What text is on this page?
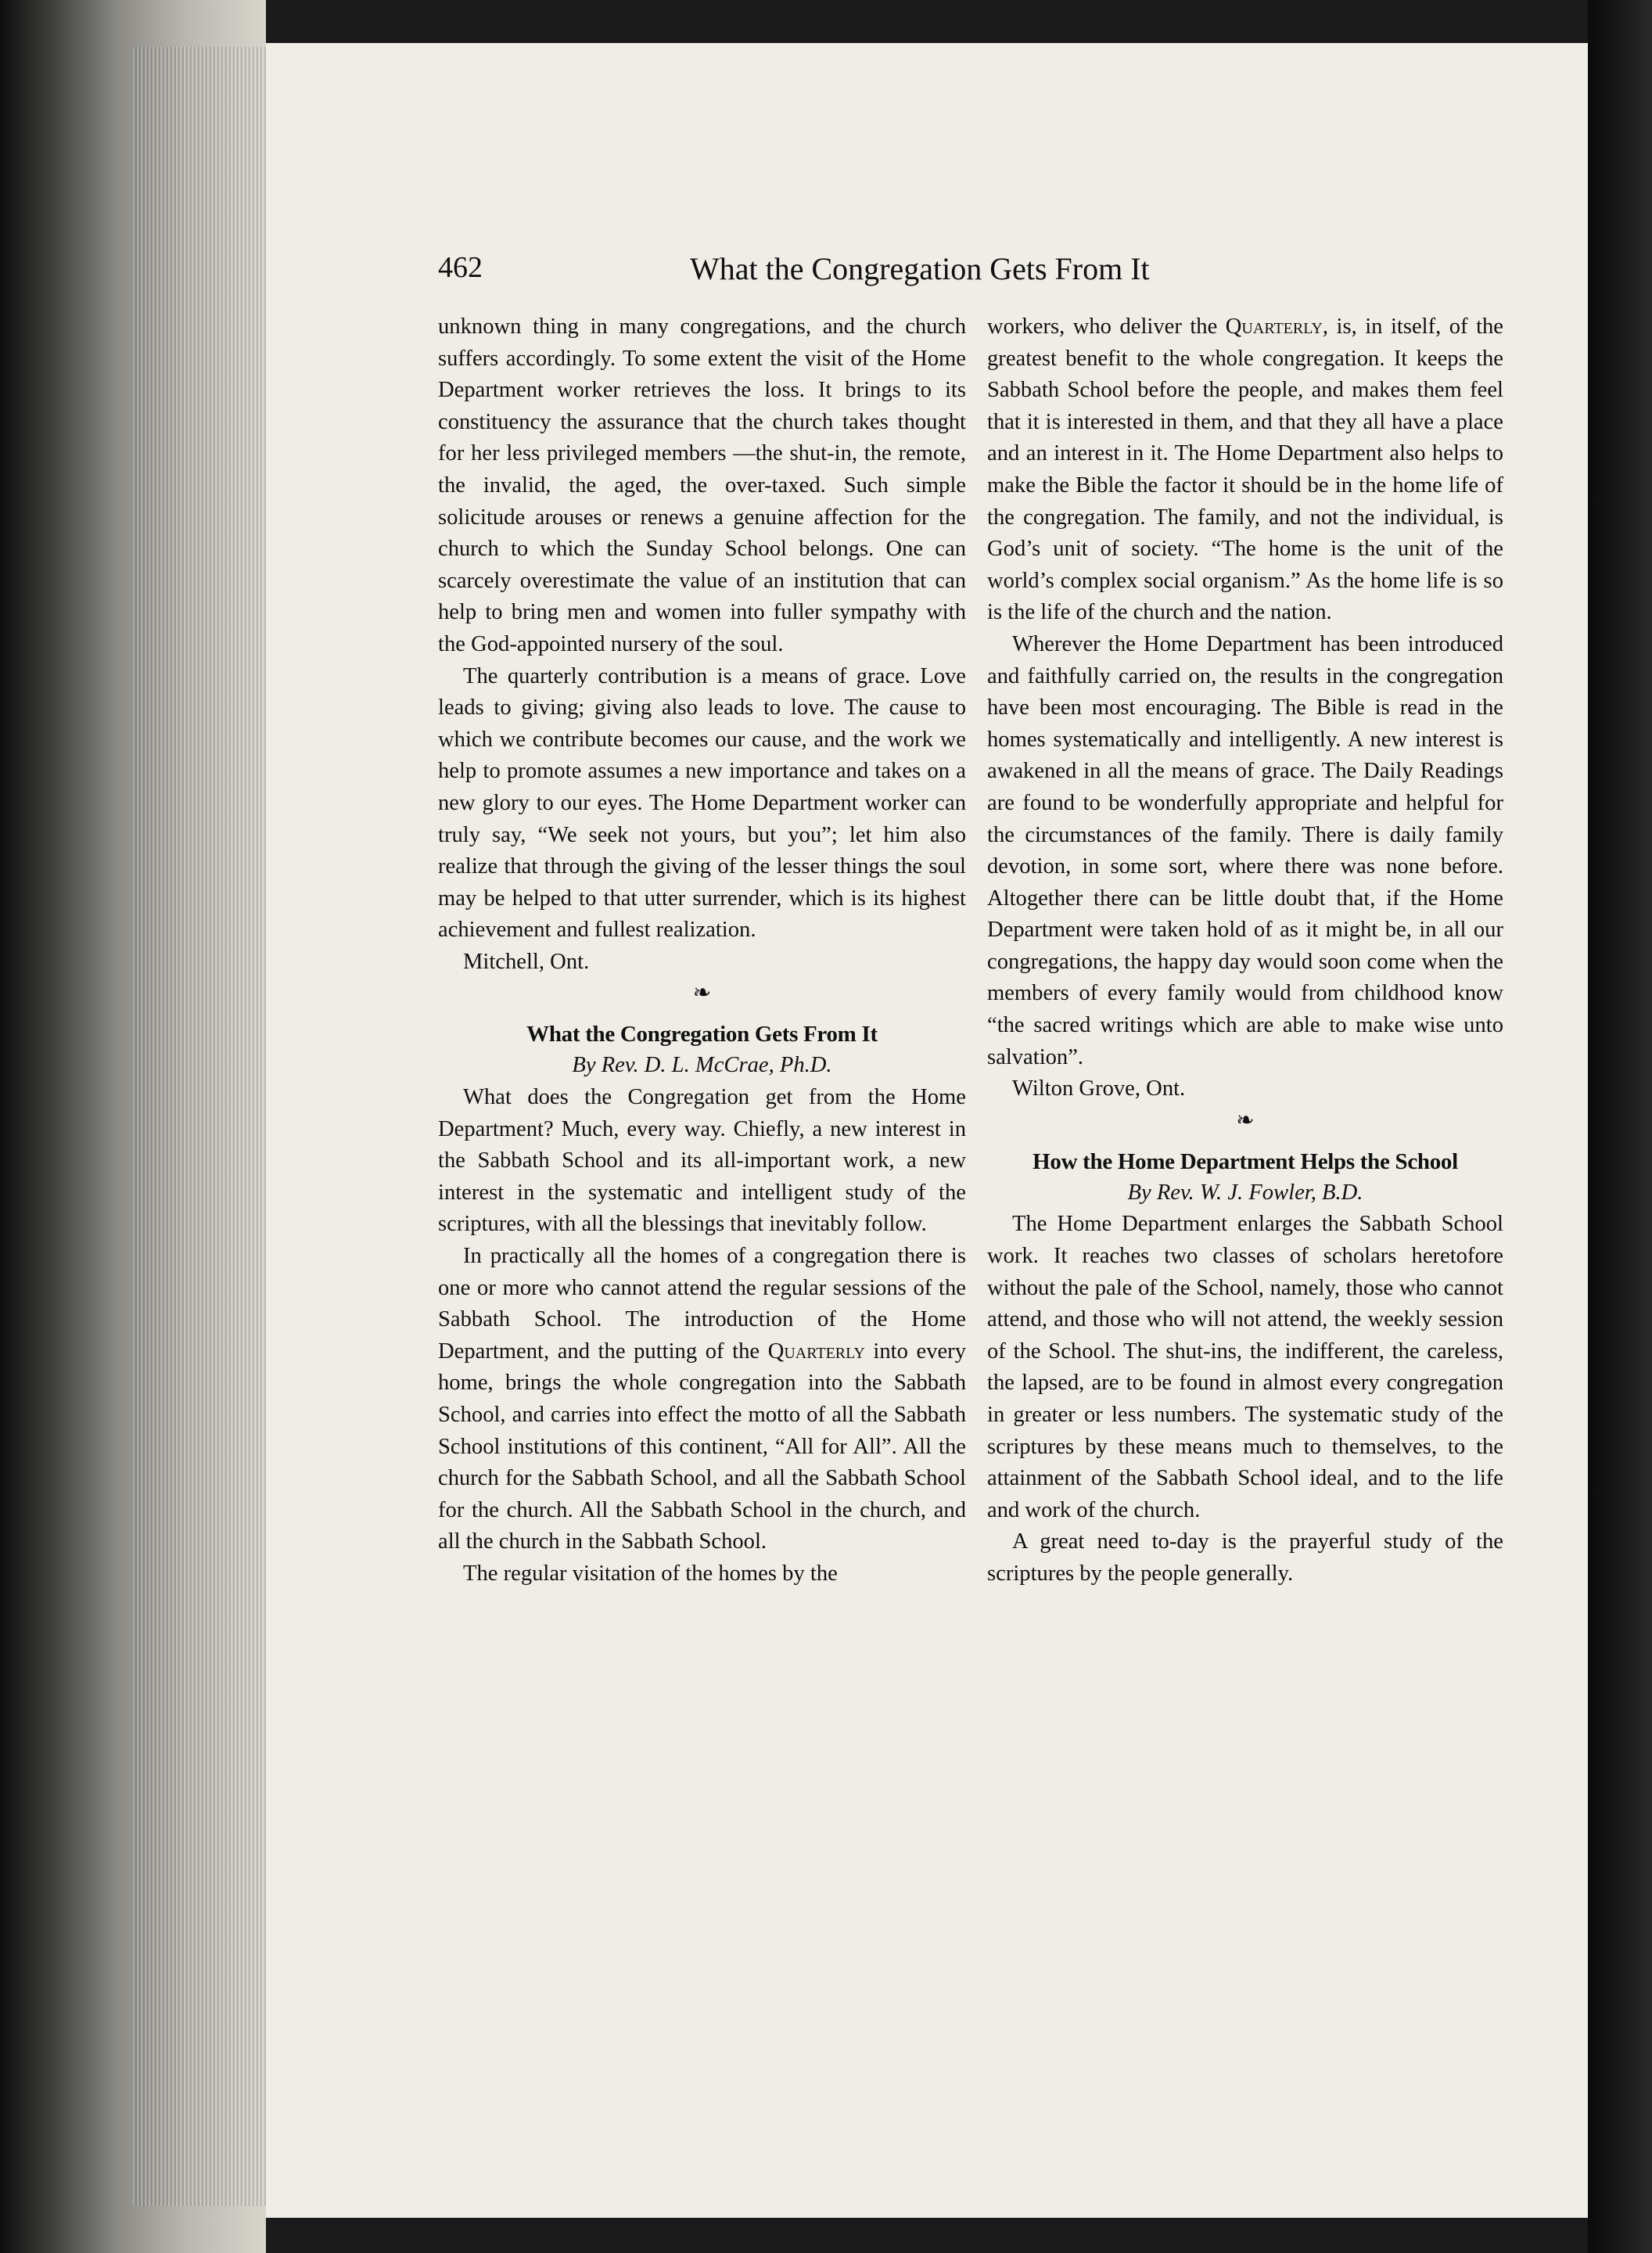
462	What the Congregation Gets From It

unknown thing in many congregations, and the church suffers accordingly. To some extent the visit of the Home Department worker retrieves the loss. It brings to its constituency the assurance that the church takes thought for her less privileged members —the shut-in, the remote, the invalid, the aged, the over-taxed. Such simple solicitude arouses or renews a genuine affection for the church to which the Sunday School belongs. One can scarcely overestimate the value of an institution that can help to bring men and women into fuller sympathy with the God-appointed nursery of the soul.

The quarterly contribution is a means of grace. Love leads to giving; giving also leads to love. The cause to which we contribute becomes our cause, and the work we help to promote assumes a new importance and takes on a new glory to our eyes. The Home Department worker can truly say, “We seek not yours, but you”; let him also realize that through the giving of the lesser things the soul may be helped to that utter surrender, which is its highest achievement and fullest realization.

Mitchell, Ont.

❧
What the Congregation Gets From It

By Rev. D. L. McCrae, Ph.D.

What does the Congregation get from the Home Department? Much, every way. Chiefly, a new interest in the Sabbath School and its all-important work, a new interest in the systematic and intelligent study of the scriptures, with all the blessings that inevitably follow.

In practically all the homes of a congregation there is one or more who cannot attend the regular sessions of the Sabbath School. The introduction of the Home Department, and the putting of the Quarterly into every home, brings the whole congregation into the Sabbath School, and carries into effect the motto of all the Sabbath School institutions of this continent, “All for All”. All the church for the Sabbath School, and all the Sabbath School for the church. All the Sabbath School in the church, and all the church in the Sabbath School.

The regular visitation of the homes by the

workers, who deliver the Quarterly, is, in itself, of the greatest benefit to the whole congregation. It keeps the Sabbath School before the people, and makes them feel that it is interested in them, and that they all have a place and an interest in it. The Home Department also helps to make the Bible the factor it should be in the home life of the congregation. The family, and not the individual, is God’s unit of society. “The home is the unit of the world’s complex social organism.” As the home life is so is the life of the church and the nation.

Wherever the Home Department has been introduced and faithfully carried on, the results in the congregation have been most encouraging. The Bible is read in the homes systematically and intelligently. A new interest is awakened in all the means of grace. The Daily Readings are found to be wonderfully appropriate and helpful for the circumstances of the family. There is daily family devotion, in some sort, where there was none before. Altogether there can be little doubt that, if the Home Department were taken hold of as it might be, in all our congregations, the happy day would soon come when the members of every family would from childhood know “the sacred writings which are able to make wise unto salvation”.

Wilton Grove, Ont.

❧
How the Home Department Helps the School

By Rev. W. J. Fowler, B.D.

The Home Department enlarges the Sabbath School work. It reaches two classes of scholars heretofore without the pale of the School, namely, those who cannot attend, and those who will not attend, the weekly session of the School. The shut-ins, the indifferent, the careless, the lapsed, are to be found in almost every congregation in greater or less numbers. The systematic study of the scriptures by these means much to themselves, to the attainment of the Sabbath School ideal, and to the life and work of the church.

A great need to-day is the prayerful study of the scriptures by the people generally.
